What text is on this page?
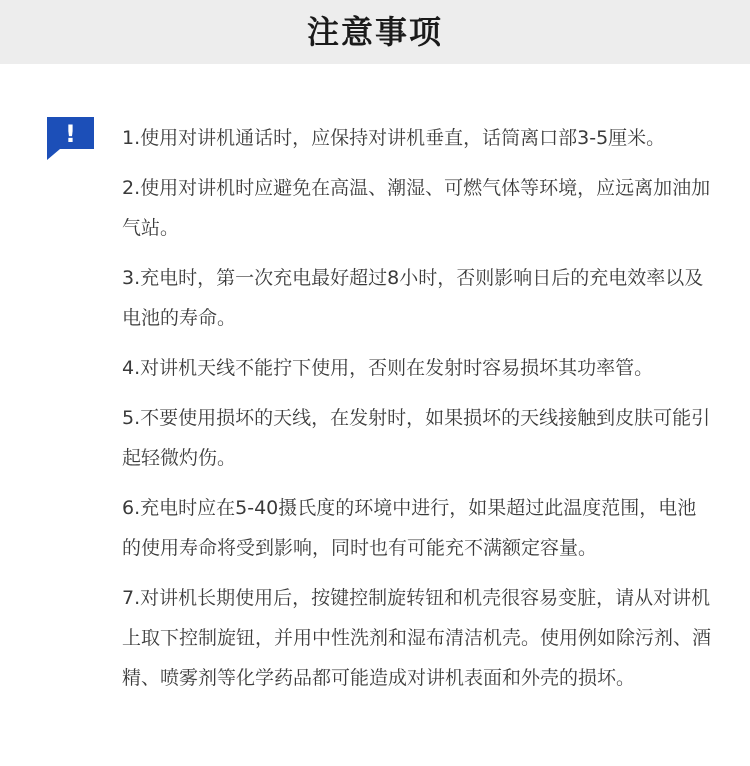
注意事项
! 1.使用对讲机通话时，应保持对讲机垂直，话筒离口部3-5厘米。

2.使用对讲机时应避免在高温、潮湿、可燃气体等环境，应远离加油加气站。

3.充电时，第一次充电最好超过8小时，否则影响日后的充电效率以及电池的寿命。

4.对讲机天线不能拧下使用，否则在发射时容易损坏其功率管。

5.不要使用损坏的天线，在发射时，如果损坏的天线接触到皮肤可能引起轻微灼伤。

6.充电时应在5-40摄氏度的环境中进行，如果超过此温度范围，电池的使用寿命将受到影响，同时也有可能充不满额定容量。

7.对讲机长期使用后，按键控制旋转钮和机壳很容易变脏，请从对讲机上取下控制旋钮，并用中性洗剂和湿布清洁机壳。使用例如除污剂、酒精、喷雾剂等化学药品都可能造成对讲机表面和外壳的损坏。
